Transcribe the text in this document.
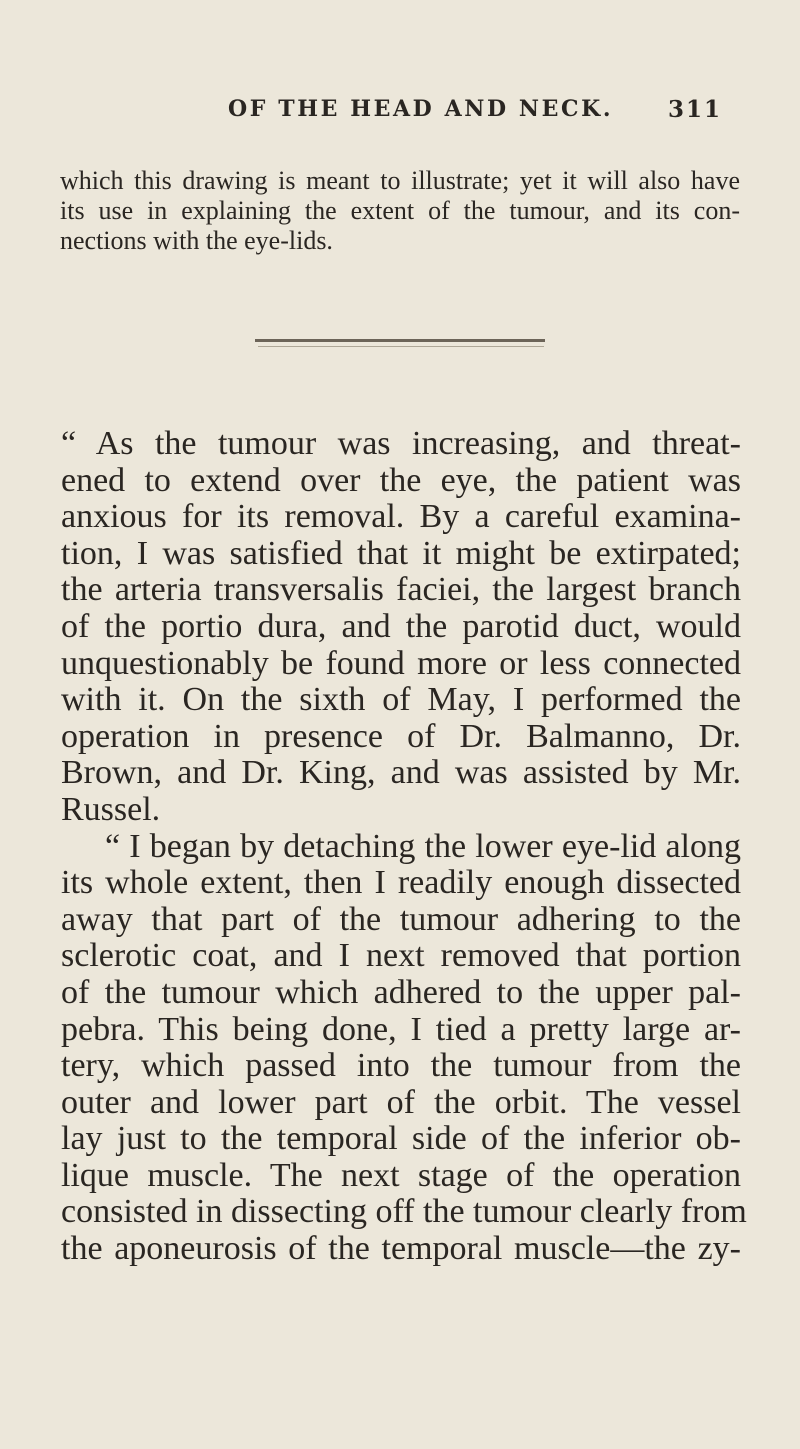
OF THE HEAD AND NECK. 311
which this drawing is meant to illustrate; yet it will also have
its use in explaining the extent of the tumour, and its con-
nections with the eye-lids.
“ As the tumour was increasing, and threat-
ened to extend over the eye, the patient was
anxious for its removal. By a careful examina-
tion, I was satisfied that it might be extirpated;
the arteria transversalis faciei, the largest branch
of the portio dura, and the parotid duct, would
unquestionably be found more or less connected
with it. On the sixth of May, I performed the
operation in presence of Dr. Balmanno, Dr.
Brown, and Dr. King, and was assisted by Mr.
Russel.
“ I began by detaching the lower eye-lid along
its whole extent, then I readily enough dissected
away that part of the tumour adhering to the
sclerotic coat, and I next removed that portion
of the tumour which adhered to the upper pal-
pebra. This being done, I tied a pretty large ar-
tery, which passed into the tumour from the
outer and lower part of the orbit. The vessel
lay just to the temporal side of the inferior ob-
lique muscle. The next stage of the operation
consisted in dissecting off the tumour clearly from
the aponeurosis of the temporal muscle—the zy-
